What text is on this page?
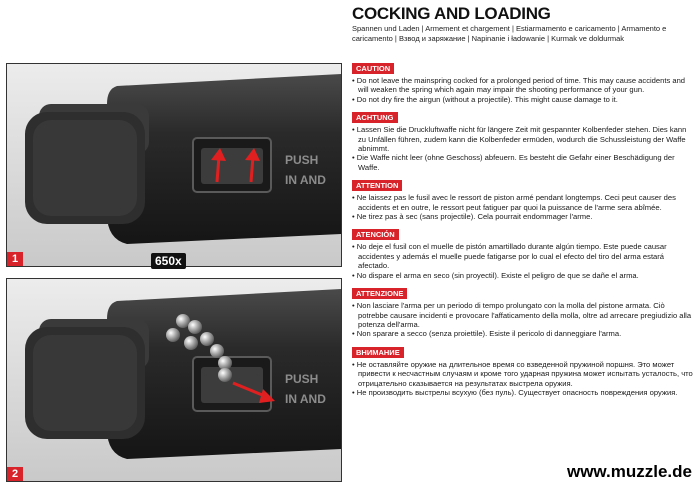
PUSH
IN AND
1
PUSH
IN AND
2
650x
COCKING AND LOADING
Spannen und Laden | Armement et chargement | Estiarmamento e caricamento | Armamento e caricamento | Взвод и заряжание | Napinanie i ładowanie | Kurmak ve doldurmak
CAUTION
• Do not leave the mainspring cocked for a prolonged period of time. This may cause accidents and will weaken the spring which again may impair the shooting performance of your gun.
• Do not dry fire the airgun (without a projectile). This might cause damage to it.
ACHTUNG
• Lassen Sie die Druckluftwaffe nicht für längere Zeit mit gespannter Kolbenfeder stehen. Dies kann zu Unfällen führen, zudem kann die Kolbenfeder ermüden, wodurch die Schussleistung der Waffe abnimmt.
• Die Waffe nicht leer (ohne Geschoss) abfeuern. Es besteht die Gefahr einer Beschädigung der Waffe.
ATTENTION
• Ne laissez pas le fusil avec le ressort de piston armé pendant longtemps. Ceci peut causer des accidents et en outre, le ressort peut fatiguer par quoi la puissance de l'arme sera abîmée.
• Ne tirez pas à sec (sans projectile). Cela pourrait endommager l'arme.
ATENCIÓN
• No deje el fusil con el muelle de pistón amartillado durante algún tiempo. Este puede causar accidentes y además el muelle puede fatigarse por lo cual el efecto del tiro del arma estará afectado.
• No dispare el arma en seco (sin proyectil). Existe el peligro de que se dañe el arma.
ATTENZIONE
• Non lasciare l'arma per un periodo di tempo prolungato con la molla del pistone armata. Ciò potrebbe causare incidenti e provocare l'affaticamento della molla, oltre ad arrecare pregiudizio alla potenza dell'arma.
• Non sparare a secco (senza proiettile). Esiste il pericolo di danneggiare l'arma.
ВНИМАНИЕ
• Не оставляйте оружие на длительное время со взведенной пружиной поршня. Это может привести к несчастным случаям и кроме того ударная пружина может испытать усталость, что отрицательно сказывается на результатах выстрела оружия.
• Не производить выстрелы всухую (без пуль). Существует опасность повреждения оружия.
www.muzzle.de
